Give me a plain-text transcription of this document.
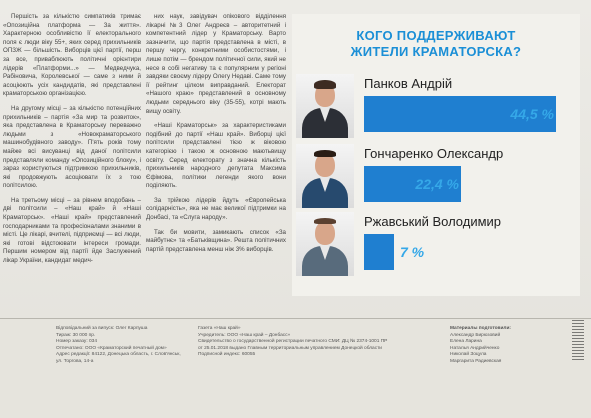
Першість за кількістю симпатиків тримає «Опозиційна платформа — За життя». Характерною особливістю її електорального поля є люди віку 55+, яких серед прихильників ОПЗЖ — більшість. Виборців цієї партії, перш за все, приваблюють політичні орієнтири лідерів «Платформи...» — Медведчука, Рабіновича, Королевської — саме з ними й асоціюють усіх кандидатів, які представлені краматорською організацією.

На другому місці – за кількістю потенційних прихильників – партія «За мир та розвиток», яка представлена в Краматорську переважно людьми з «Новокраматорського машинобудівного заводу». П'ять років тому майже всі висуванці від даної політсили представляли команду «Опозиційного блоку», і зараз користуються підтримкою прихильників, які продовжують асоціювати їх з тою політсилою.

На третьому місці – за рівнем вподобань – дві політсили – «Наш край» й «Наші Краматорськ». «Наші край» представлений господарниками та професіоналами знаними в місті. Це лікарі, вчителі, підприємці — всі люди, які готові відстоювати інтереси громади. Першим номером від партії йде Заслужений лікар України, кандидат медич-

них наук, завідувач опікового відділення лікарні №3 Олег Андреєв – авторитетний і компетентний лідер у Краматорську. Варто зазначити, що партія представлена в місті, в першу чергу, конкретними особистостями, і лише потім — брендом політичної сили, який не несе в собі негативу та є популярним у регіоні завдяки своєму лідеру Олегу Недаві. Саме тому її рейтинг цілком виправданий. Електорат «Нашого краю» представлений в основному людьми середнього віку (35-55), котрі мають вищу освіту.

«Наші Краматорськ» за характеристиками подібний до партії «Наш край». Виборці цієї політсили представлені тією ж віковою категорією і такою ж основною маютьвищу освіту. Серед електорату з значна кількість прихильників народного депутата Максима Єфімова, політики легенди якого вони поділяють.

За трійкою лідерів йдуть «Європейська солідарність», яка не має великої підтримки на Донбасі, та «Слуга народу».

Так би мовити, замикають список «За майбутнє» та «Батьківщина». Решта політичних партій представлена менш ніж 3% виборців.

КОГО ПОДДЕРЖИВАЮТ
ЖИТЕЛИ КРАМАТОРСКА?
Панков Андрій
44,5 %
Гончаренко Олександр
22,4 %
Ржавський Володимир
7 %
Відповідальний за випуск: Олег Карпуша
Тираж: 30 000 пр.
Номер заказу: 034
Отпечатано: ООО «Краматорский печатный дом»
Адрес редакції: 84122, Донецька область, г. Слов'янськ,
ул. Торгова, 14-а
Газета «Наш край»
Учредитель: ООО «Наш край – Донбасс»
Свидетельство о государственной регистрации печатного СМИ: ДЦ № 2374-1001 ПР
от 25.01.2018 выдано Главным территориальным управлением Донецкой области
Подписной индекс: 60055
Материалы подготовили:
Александр Бирюзовий
Елена Ларина
Наталья Андрийченко
Николай Зоцула
Маргарита Радиевская
